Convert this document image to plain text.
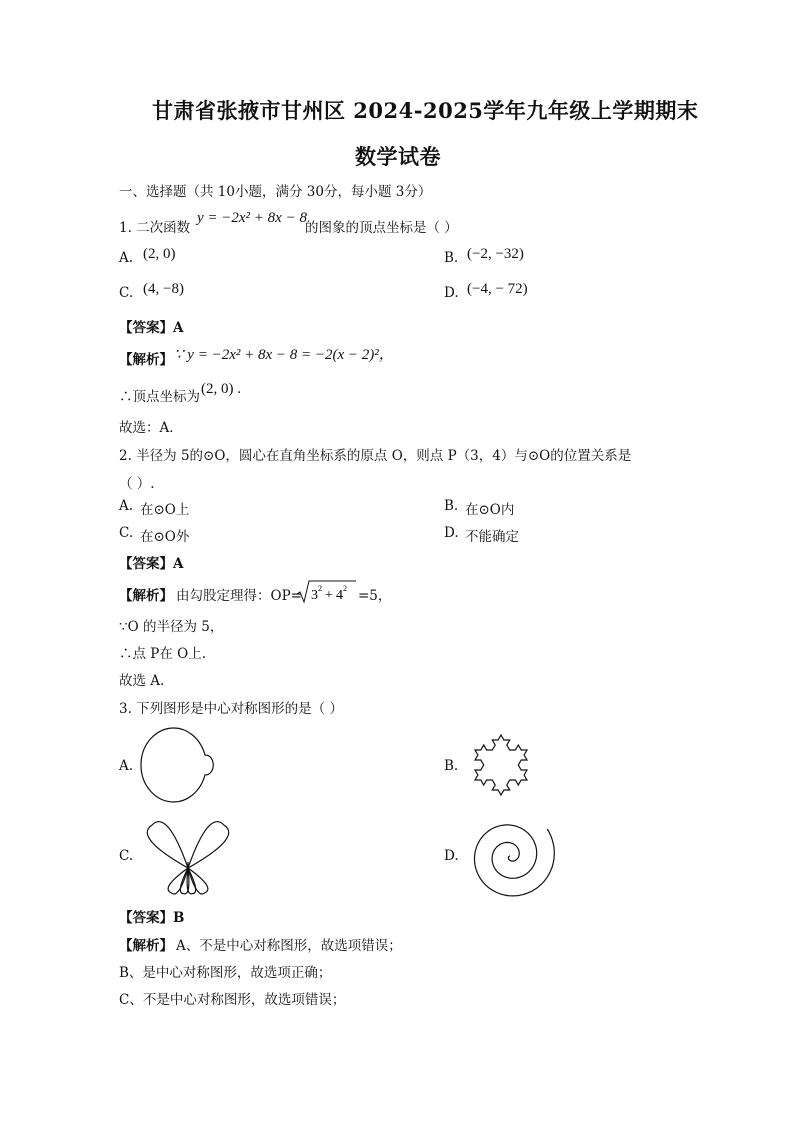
甘肃省张掖市甘州区 2024-2025学年九年级上学期期末
数学试卷
一、选择题（共 10小题，满分 30分，每小题 3分）
1. 二次函数
y = −2x² + 8x − 8
的图象的顶点坐标是（ ）
A. (2, 0)	B. (−2, −32)
C. (4, −8)	D. (−4, − 72)
【答案】A
【解析】 ∵ y = −2x² + 8x − 8 = −2(x − 2)²，
∴顶点坐标为 (2, 0) .
故选：A．
2. 半径为 5的⊙O，圆心在直角坐标系的原点 O，则点 P（3，4）与⊙O的位置关系是
（ ）.
A. 在⊙O上	B. 在⊙O内
C. 在⊙O外	D. 不能确定
【答案】A
【解析】 由勾股定理得：OP= 3 2 + 4 2 =5，
∵O 的半径为 5，
∴点 P在 O上.
故选 A.
3. 下列图形是中心对称图形的是（ ）
A.	B.
C.	D.
【答案】B
【解析】 A、不是中心对称图形，故选项错误；
B、是中心对称图形，故选项正确；
C、不是中心对称图形，故选项错误；
